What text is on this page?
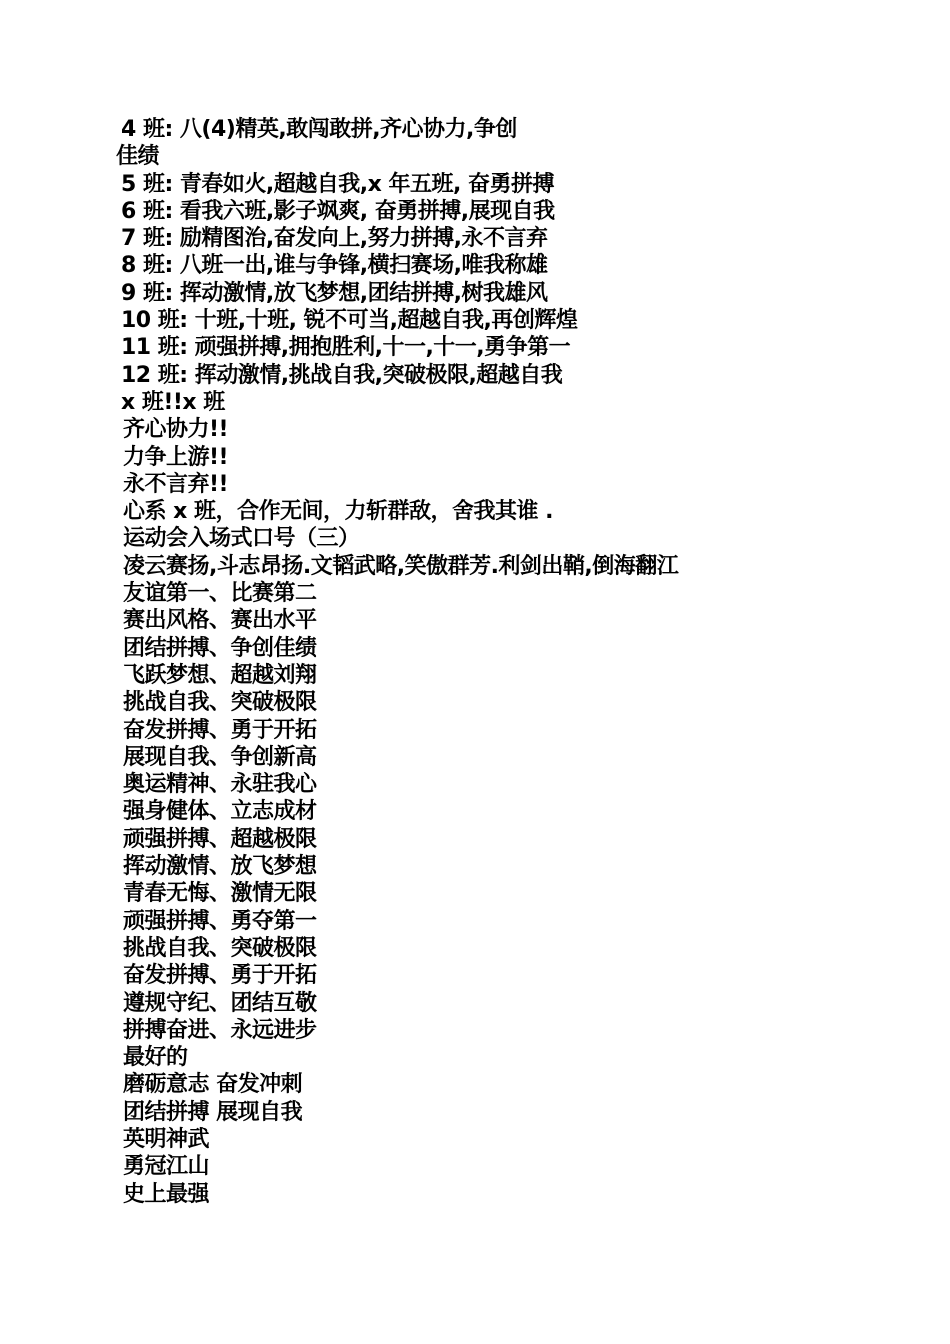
4 班: 八(4)精英,敢闯敢拼,齐心协力,争创
佳绩
5 班: 青春如火,超越自我,x 年五班, 奋勇拼搏
6 班: 看我六班,影子飒爽, 奋勇拼搏,展现自我
7 班: 励精图治,奋发向上,努力拼搏,永不言弃
8 班: 八班一出,谁与争锋,横扫赛场,唯我称雄
9 班: 挥动激情,放飞梦想,团结拼搏,树我雄风
10 班: 十班,十班, 锐不可当,超越自我,再创辉煌
11 班: 顽强拼搏,拥抱胜利,十一,十一,勇争第一
12 班: 挥动激情,挑战自我,突破极限,超越自我
x 班!!x 班
齐心协力!!
力争上游!!
永不言弃!!
心系 x 班，合作无间，力斩群敌，舍我其谁 .
运动会入场式口号（三）
凌云赛扬,斗志昂扬.文韬武略,笑傲群芳.利剑出鞘,倒海翻江
友谊第一、比赛第二
赛出风格、赛出水平
团结拼搏、争创佳绩
飞跃梦想、超越刘翔
挑战自我、突破极限
奋发拼搏、勇于开拓
展现自我、争创新高
奥运精神、永驻我心
强身健体、立志成材
顽强拼搏、超越极限
挥动激情、放飞梦想
青春无悔、激情无限
顽强拼搏、勇夺第一
挑战自我、突破极限
奋发拼搏、勇于开拓
遵规守纪、团结互敬
拼搏奋进、永远进步
最好的
磨砺意志 奋发冲刺
团结拼搏 展现自我
英明神武
勇冠江山
史上最强
